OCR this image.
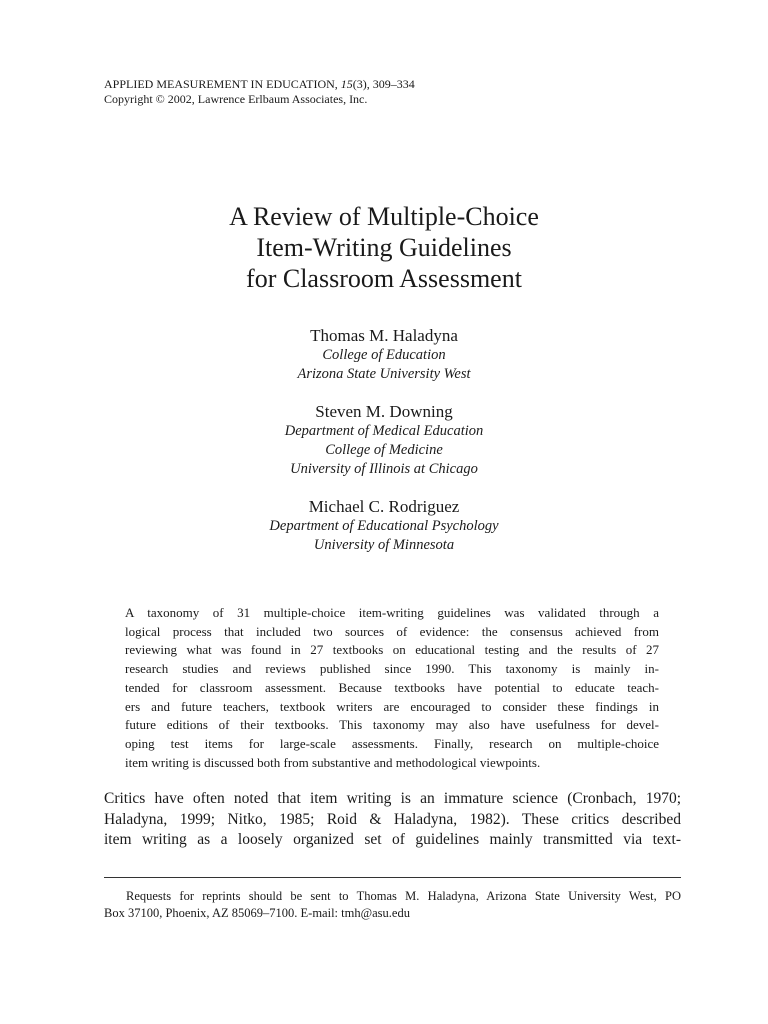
APPLIED MEASUREMENT IN EDUCATION, 15(3), 309–334
Copyright © 2002, Lawrence Erlbaum Associates, Inc.
A Review of Multiple-Choice
Item-Writing Guidelines
for Classroom Assessment
Thomas M. Haladyna
College of Education
Arizona State University West
Steven M. Downing
Department of Medical Education
College of Medicine
University of Illinois at Chicago
Michael C. Rodriguez
Department of Educational Psychology
University of Minnesota
A taxonomy of 31 multiple-choice item-writing guidelines was validated through a
logical process that included two sources of evidence: the consensus achieved from
reviewing what was found in 27 textbooks on educational testing and the results of 27
research studies and reviews published since 1990. This taxonomy is mainly in-
tended for classroom assessment. Because textbooks have potential to educate teach-
ers and future teachers, textbook writers are encouraged to consider these findings in
future editions of their textbooks. This taxonomy may also have usefulness for devel-
oping test items for large-scale assessments. Finally, research on multiple-choice
item writing is discussed both from substantive and methodological viewpoints.
Critics have often noted that item writing is an immature science (Cronbach, 1970;
Haladyna, 1999; Nitko, 1985; Roid & Haladyna, 1982). These critics described
item writing as a loosely organized set of guidelines mainly transmitted via text-
Requests for reprints should be sent to Thomas M. Haladyna, Arizona State University West, PO
Box 37100, Phoenix, AZ 85069–7100. E-mail: tmh@asu.edu
